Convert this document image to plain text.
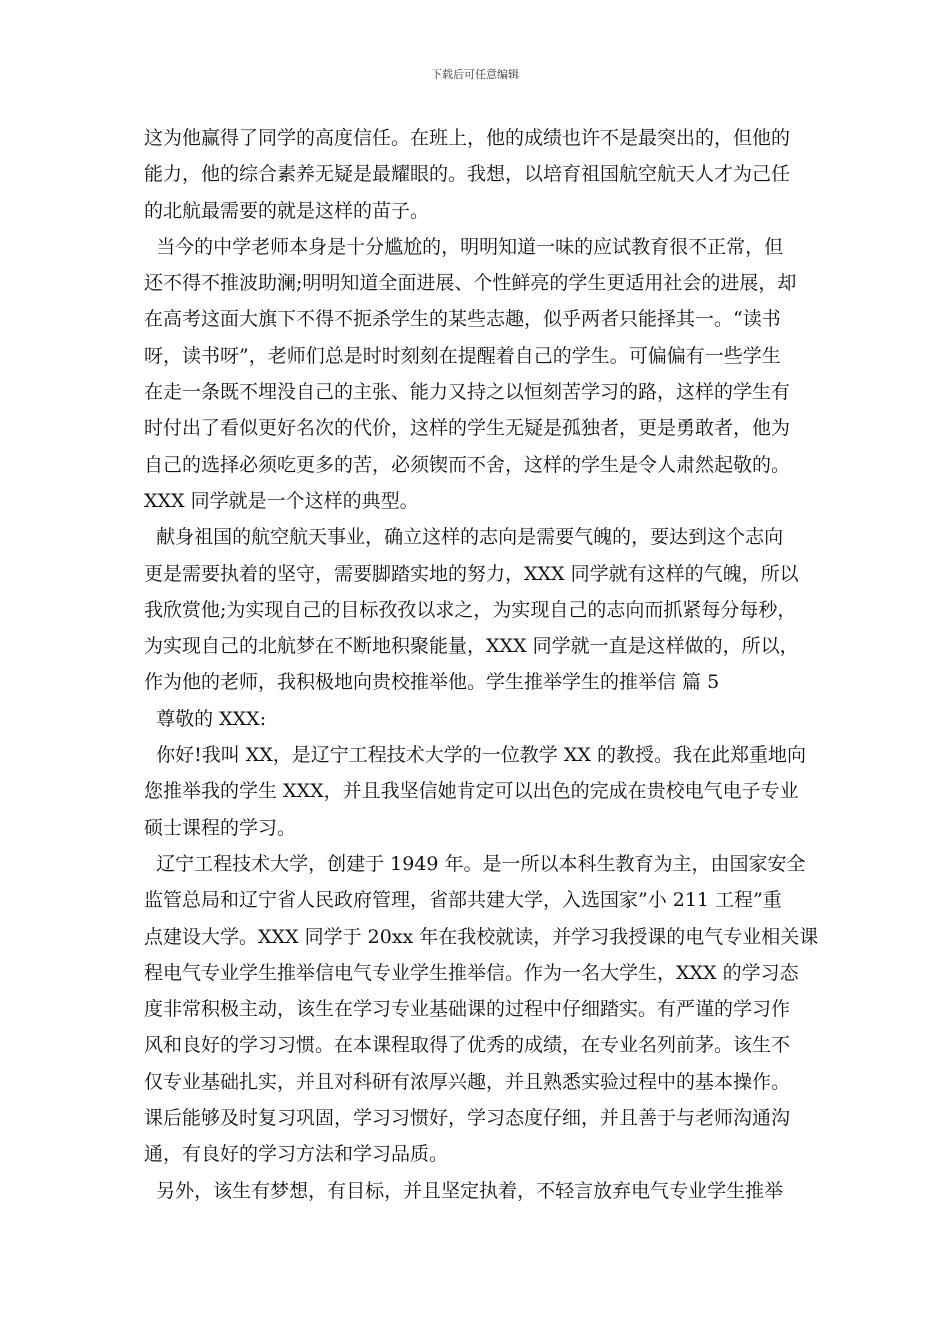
下载后可任意编辑
这为他赢得了同学的高度信任。在班上，他的成绩也许不是最突出的，但他的
能力，他的综合素养无疑是最耀眼的。我想，以培育祖国航空航天人才为己任
的北航最需要的就是这样的苗子。
当今的中学老师本身是十分尴尬的，明明知道一味的应试教育很不正常，但
还不得不推波助澜;明明知道全面进展、个性鲜亮的学生更适用社会的进展，却
在高考这面大旗下不得不扼杀学生的某些志趣，似乎两者只能择其一。“读书
呀，读书呀”，老师们总是时时刻刻在提醒着自己的学生。可偏偏有一些学生
在走一条既不埋没自己的主张、能力又持之以恒刻苦学习的路，这样的学生有
时付出了看似更好名次的代价，这样的学生无疑是孤独者，更是勇敢者，他为
自己的选择必须吃更多的苦，必须锲而不舍，这样的学生是令人肃然起敬的。
XXX 同学就是一个这样的典型。
献身祖国的航空航天事业，确立这样的志向是需要气魄的，要达到这个志向
更是需要执着的坚守，需要脚踏实地的努力，XXX 同学就有这样的气魄，所以
我欣赏他;为实现自己的目标孜孜以求之，为实现自己的志向而抓紧每分每秒，
为实现自己的北航梦在不断地积聚能量，XXX 同学就一直是这样做的，所以，
作为他的老师，我积极地向贵校推举他。学生推举学生的推举信 篇 5
尊敬的 XXX:
你好!我叫 XX，是辽宁工程技术大学的一位教学 XX 的教授。我在此郑重地向
您推举我的学生 XXX，并且我坚信她肯定可以出色的完成在贵校电气电子专业
硕士课程的学习。
辽宁工程技术大学，创建于 1949 年。是一所以本科生教育为主，由国家安全
监管总局和辽宁省人民政府管理，省部共建大学，入选国家”小 211 工程”重
点建设大学。XXX 同学于 20xx 年在我校就读，并学习我授课的电气专业相关课
程电气专业学生推举信电气专业学生推举信。作为一名大学生，XXX 的学习态
度非常积极主动，该生在学习专业基础课的过程中仔细踏实。有严谨的学习作
风和良好的学习习惯。在本课程取得了优秀的成绩，在专业名列前茅。该生不
仅专业基础扎实，并且对科研有浓厚兴趣，并且熟悉实验过程中的基本操作。
课后能够及时复习巩固，学习习惯好，学习态度仔细，并且善于与老师沟通沟
通，有良好的学习方法和学习品质。
另外，该生有梦想，有目标，并且坚定执着，不轻言放弃电气专业学生推举
